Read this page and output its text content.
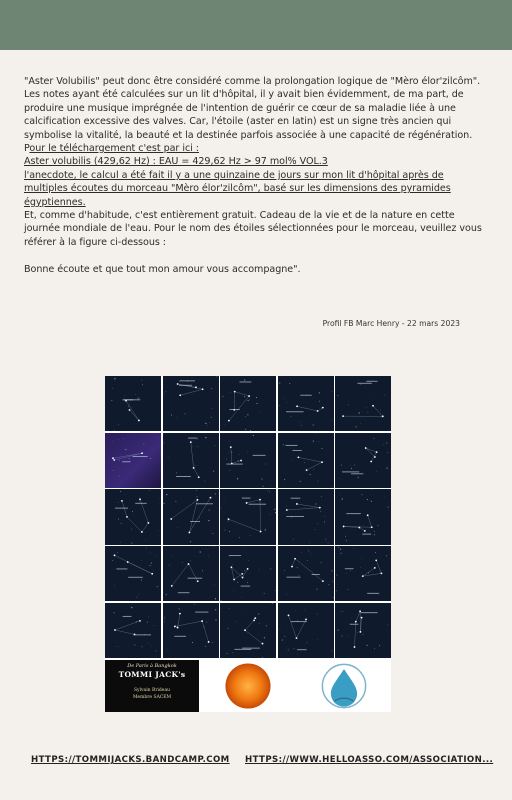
"Aster Volubilis" peut donc être considéré comme la prolongation logique de "Mèro élor'zilcôm". Les notes ayant été calculées sur un lit d'hôpital, il y avait bien évidemment, de ma part, de produire une musique imprégnée de l'intention de guérir ce cœur de sa maladie liée à une calcification excessive des valves. Car, l'étoile (aster en latin) est un signe très ancien qui symbolise la vitalité, la beauté et la destinée parfois associée à une capacité de régénération.

Pour le téléchargement c'est par ici :

Aster volubilis (429,62 Hz) : EAU = 429,62 Hz > 97 mol% VOL.3

l'anecdote, le calcul a été fait il y a une quinzaine de jours sur mon lit d'hôpital après de multiples écoutes du morceau "Mèro élor'zilcôm", basé sur les dimensions des pyramides égyptiennes.

Et, comme d'habitude, c'est entièrement gratuit. Cadeau de la vie et de la nature en cette journée mondiale de l'eau. Pour le nom des étoiles sélectionnées pour le morceau, veuillez vous référer à la figure ci-dessous :

Bonne écoute et que tout mon amour vous accompagne".

Profil FB Marc Henry - 22 mars 2023
De Paris à Bangkok
TOMMI JACK's
Sylvain Brideau
Membre SACEM
HTTPS://TOMMIJACKS.BANDCAMP.COM HTTPS://WWW.HELLOASSO.COM/ASSOCIATION...
